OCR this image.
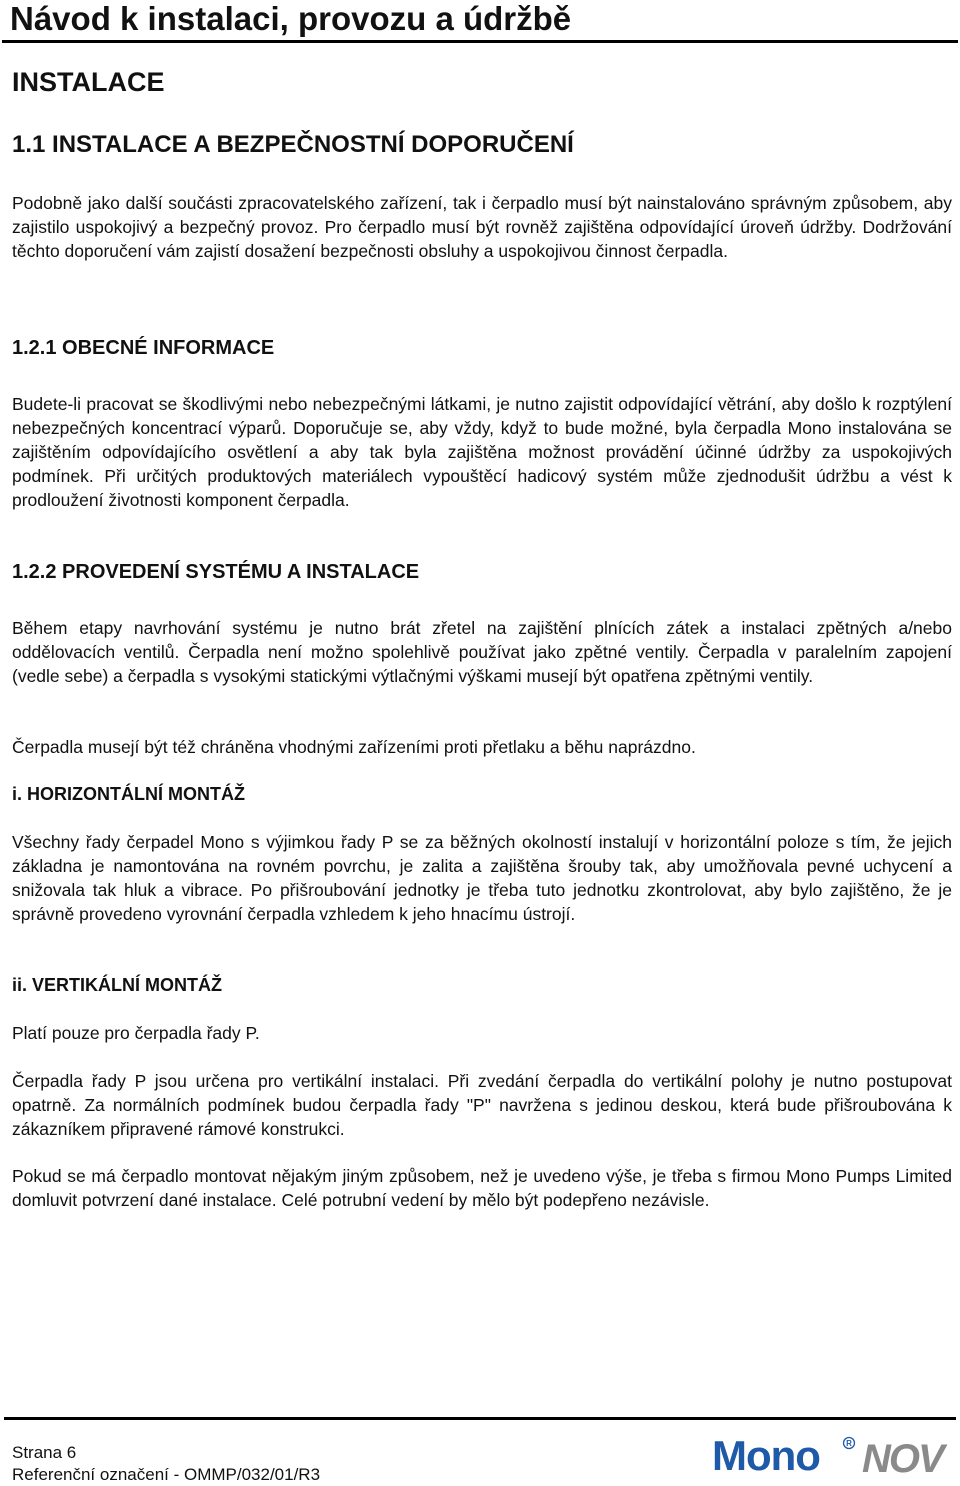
Návod k instalaci, provozu a údržbě
INSTALACE
1.1 INSTALACE A BEZPEČNOSTNÍ DOPORUČENÍ

Podobně jako další součásti zpracovatelského zařízení, tak i čerpadlo musí být nainstalováno správným způsobem, aby zajistilo uspokojivý a bezpečný provoz. Pro čerpadlo musí být rovněž zajištěna odpovídající úroveň údržby. Dodržování těchto doporučení vám zajistí dosažení bezpečnosti obsluhy a uspokojivou činnost čerpadla.

1.2.1 OBECNÉ INFORMACE

Budete-li pracovat se škodlivými nebo nebezpečnými látkami, je nutno zajistit odpovídající větrání, aby došlo k rozptýlení nebezpečných koncentrací výparů. Doporučuje se, aby vždy, když to bude možné, byla čerpadla Mono instalována se zajištěním odpovídajícího osvětlení a aby tak byla zajištěna možnost provádění účinné údržby za uspokojivých podmínek. Při určitých produktových materiálech vypouštěcí hadicový systém může zjednodušit údržbu a vést k prodloužení životnosti komponent čerpadla.

1.2.2 PROVEDENÍ SYSTÉMU A INSTALACE

Během etapy navrhování systému je nutno brát zřetel na zajištění plnících zátek a instalaci zpětných a/nebo oddělovacích ventilů. Čerpadla není možno spolehlivě používat jako zpětné ventily. Čerpadla v paralelním zapojení (vedle sebe) a čerpadla s vysokými statickými výtlačnými výškami musejí být opatřena zpětnými ventily.

Čerpadla musejí být též chráněna vhodnými zařízeními proti přetlaku a běhu naprázdno.

i. HORIZONTÁLNÍ MONTÁŽ

Všechny řady čerpadel Mono s výjimkou řady P se za běžných okolností instalují v horizontální poloze s tím, že jejich základna je namontována na rovném povrchu, je zalita a zajištěna šrouby tak, aby umožňovala pevné uchycení a snižovala tak hluk a vibrace. Po přišroubování jednotky je třeba tuto jednotku zkontrolovat, aby bylo zajištěno, že je správně provedeno vyrovnání čerpadla vzhledem k jeho hnacímu ústrojí.

ii. VERTIKÁLNÍ MONTÁŽ

Platí pouze pro čerpadla řady P.

Čerpadla řady P jsou určena pro vertikální instalaci. Při zvedání čerpadla do vertikální polohy je nutno postupovat opatrně. Za normálních podmínek budou čerpadla řady "P" navržena s jedinou deskou, která bude přišroubována k zákazníkem připravené rámové konstrukci.

Pokud se má čerpadlo montovat nějakým jiným způsobem, než je uvedeno výše, je třeba s firmou Mono Pumps Limited domluvit potvrzení dané instalace. Celé potrubní vedení by mělo být podepřeno nezávisle.

Strana 6

Referenční označení - OMMP/032/01/R3	Mono	R NOV
